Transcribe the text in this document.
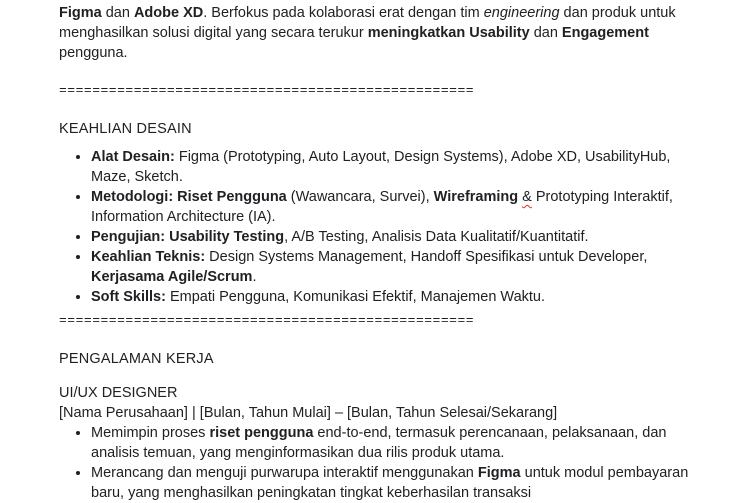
Figma dan Adobe XD. Berfokus pada kolaborasi erat dengan tim engineering dan produk untuk menghasilkan solusi digital yang secara terukur meningkatkan Usability dan Engagement pengguna.

==================================================

KEAHLIAN DESAIN

• Alat Desain: Figma (Prototyping, Auto Layout, Design Systems), Adobe XD, UsabilityHub, Maze, Sketch.
• Metodologi: Riset Pengguna (Wawancara, Survei), Wireframing & Prototyping Interaktif, Information Architecture (IA).
• Pengujian: Usability Testing, A/B Testing, Analisis Data Kualitatif/Kuantitatif.
• Keahlian Teknis: Design Systems Management, Handoff Spesifikasi untuk Developer, Kerjasama Agile/Scrum.
• Soft Skills: Empati Pengguna, Komunikasi Efektif, Manajemen Waktu.

==================================================

PENGALAMAN KERJA

UI/UX DESIGNER

[Nama Perusahaan] | [Bulan, Tahun Mulai] – [Bulan, Tahun Selesai/Sekarang]

• Memimpin proses riset pengguna end-to-end, termasuk perencanaan, pelaksanaan, dan analisis temuan, yang menginformasikan dua rilis produk utama.
• Merancang dan menguji purwarupa interaktif menggunakan Figma untuk modul pembayaran baru, yang menghasilkan peningkatan tingkat keberhasilan transaksi
